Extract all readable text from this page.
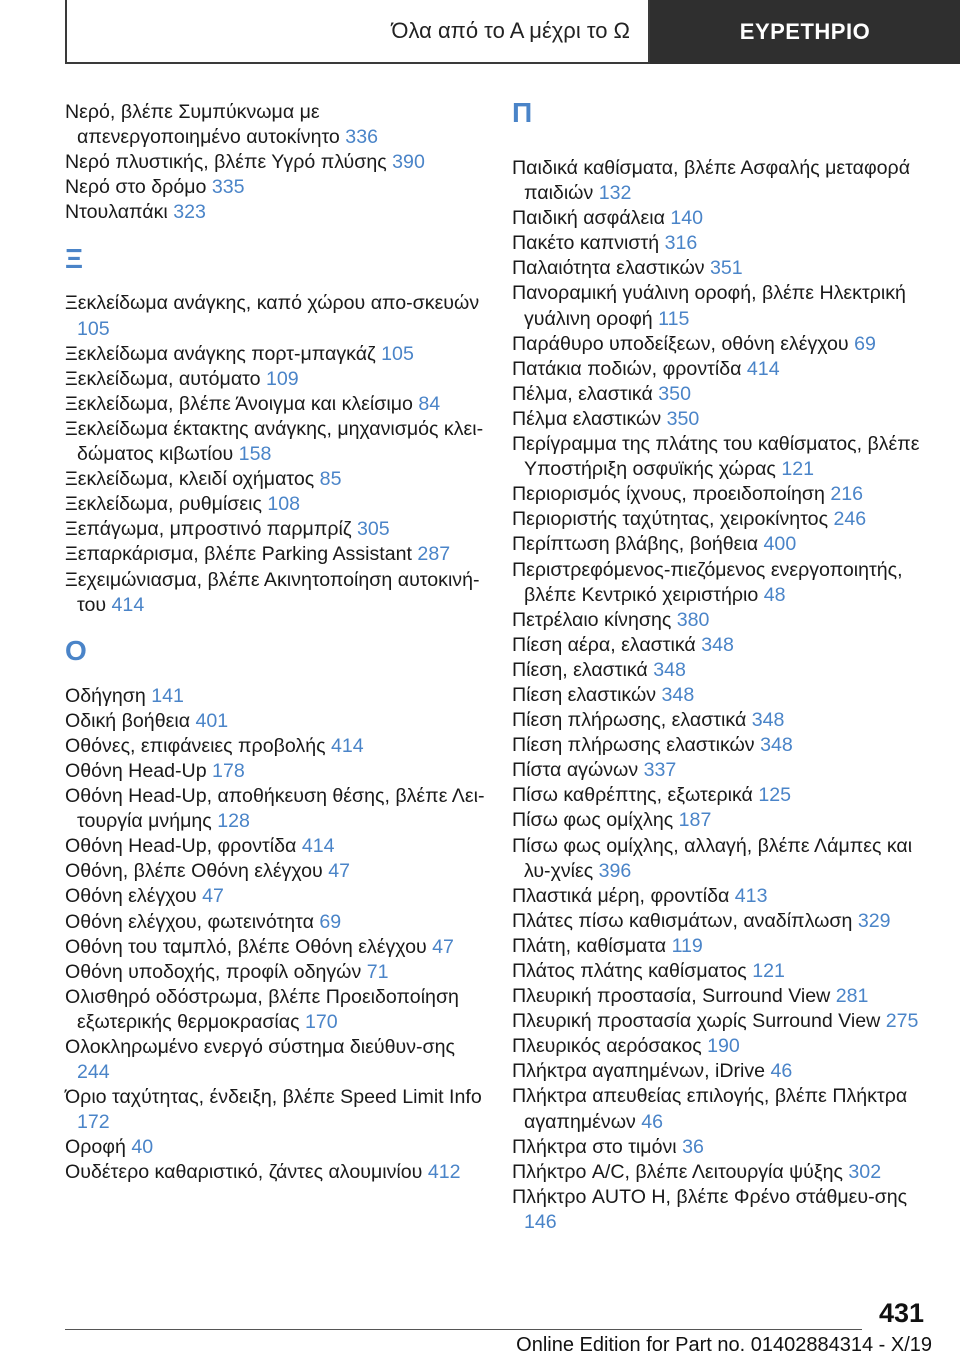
Όλα από το Α μέχρι το Ω	ΕΥΡΕΤΗΡΙΟ
Νερό, βλέπε Συμπύκνωμα με απενεργοποιημένο αυτοκίνητο 336
Νερό πλυστικής, βλέπε Υγρό πλύσης 390
Νερό στο δρόμο 335
Ντουλαπάκι 323
Ξ
Ξεκλείδωμα ανάγκης, καπό χώρου απο-σκευών 105
Ξεκλείδωμα ανάγκης πορτ-μπαγκάζ 105
Ξεκλείδωμα, αυτόματο 109
Ξεκλείδωμα, βλέπε Άνοιγμα και κλείσιμο 84
Ξεκλείδωμα έκτακτης ανάγκης, μηχανισμός κλει-δώματος κιβωτίου 158
Ξεκλείδωμα, κλειδί οχήματος 85
Ξεκλείδωμα, ρυθμίσεις 108
Ξεπάγωμα, μπροστινό παρμπρίζ 305
Ξεπαρκάρισμα, βλέπε Parking Assistant 287
Ξεχειμώνιασμα, βλέπε Ακινητοποίηση αυτοκινή-του 414
Ο
Οδήγηση 141
Οδική βοήθεια 401
Οθόνες, επιφάνειες προβολής 414
Οθόνη Head-Up 178
Οθόνη Head-Up, αποθήκευση θέσης, βλέπε Λει-τουργία μνήμης 128
Οθόνη Head-Up, φροντίδα 414
Οθόνη, βλέπε Οθόνη ελέγχου 47
Οθόνη ελέγχου 47
Οθόνη ελέγχου, φωτεινότητα 69
Οθόνη του ταμπλό, βλέπε Οθόνη ελέγχου 47
Οθόνη υποδοχής, προφίλ οδηγών 71
Ολισθηρό οδόστρωμα, βλέπε Προειδοποίηση εξωτερικής θερμοκρασίας 170
Ολοκληρωμένο ενεργό σύστημα διεύθυν-σης 244
Όριο ταχύτητας, ένδειξη, βλέπε Speed Limit Info 172
Οροφή 40
Ουδέτερο καθαριστικό, ζάντες αλουμινίου 412
Π
Παιδικά καθίσματα, βλέπε Ασφαλής μεταφορά παιδιών 132
Παιδική ασφάλεια 140
Πακέτο καπνιστή 316
Παλαιότητα ελαστικών 351
Πανοραμική γυάλινη οροφή, βλέπε Ηλεκτρική γυάλινη οροφή 115
Παράθυρο υποδείξεων, οθόνη ελέγχου 69
Πατάκια ποδιών, φροντίδα 414
Πέλμα, ελαστικά 350
Πέλμα ελαστικών 350
Περίγραμμα της πλάτης του καθίσματος, βλέπε Υποστήριξη οσφυϊκής χώρας 121
Περιορισμός ίχνους, προειδοποίηση 216
Περιοριστής ταχύτητας, χειροκίνητος 246
Περίπτωση βλάβης, βοήθεια 400
Περιστρεφόμενος-πιεζόμενος ενεργοποιητής, βλέπε Κεντρικό χειριστήριο 48
Πετρέλαιο κίνησης 380
Πίεση αέρα, ελαστικά 348
Πίεση, ελαστικά 348
Πίεση ελαστικών 348
Πίεση πλήρωσης, ελαστικά 348
Πίεση πλήρωσης ελαστικών 348
Πίστα αγώνων 337
Πίσω καθρέπτης, εξωτερικά 125
Πίσω φως ομίχλης 187
Πίσω φως ομίχλης, αλλαγή, βλέπε Λάμπες και λυ-χνίες 396
Πλαστικά μέρη, φροντίδα 413
Πλάτες πίσω καθισμάτων, αναδίπλωση 329
Πλάτη, καθίσματα 119
Πλάτος πλάτης καθίσματος 121
Πλευρική προστασία, Surround View 281
Πλευρική προστασία χωρίς Surround View 275
Πλευρικός αερόσακος 190
Πλήκτρα αγαπημένων, iDrive 46
Πλήκτρα απευθείας επιλογής, βλέπε Πλήκτρα αγαπημένων 46
Πλήκτρα στο τιμόνι 36
Πλήκτρο A/C, βλέπε Λειτουργία ψύξης 302
Πλήκτρο AUTO H, βλέπε Φρένο στάθμευ-σης 146
431
Online Edition for Part no. 01402884314 - X/19
